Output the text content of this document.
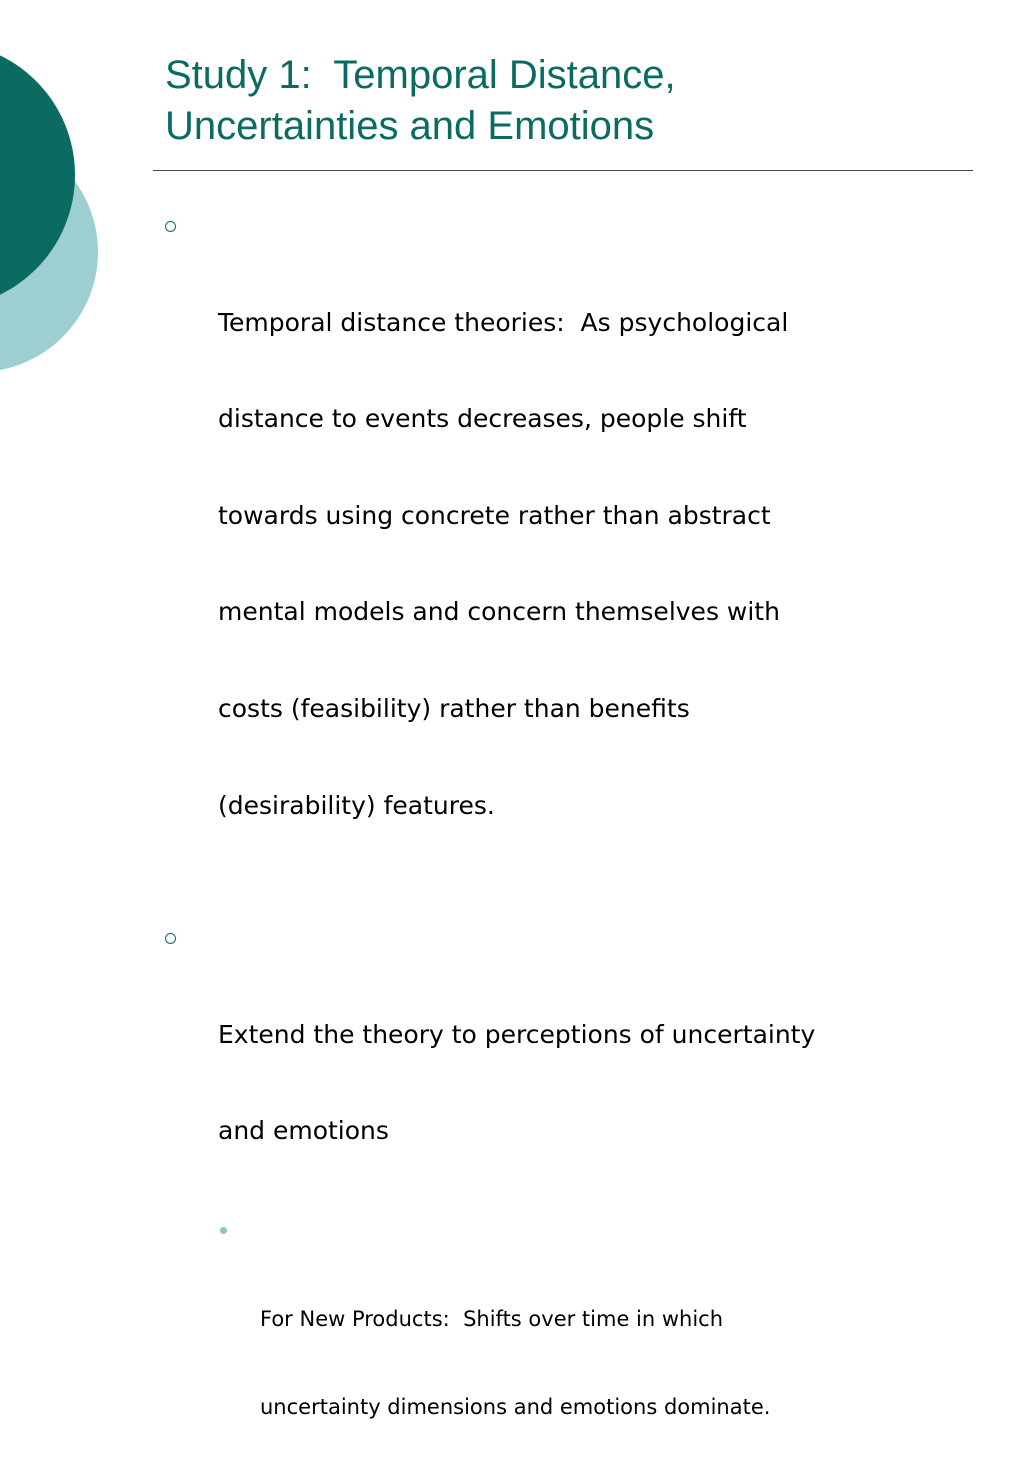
Study 1:  Temporal Distance,
Uncertainties and Emotions

Temporal distance theories:  As psychological

distance to events decreases, people shift

towards using concrete rather than abstract

mental models and concern themselves with

costs (feasibility) rather than benefits

(desirability) features.

Extend the theory to perceptions of uncertainty

and emotions

For New Products:  Shifts over time in which

uncertainty dimensions and emotions dominate.
